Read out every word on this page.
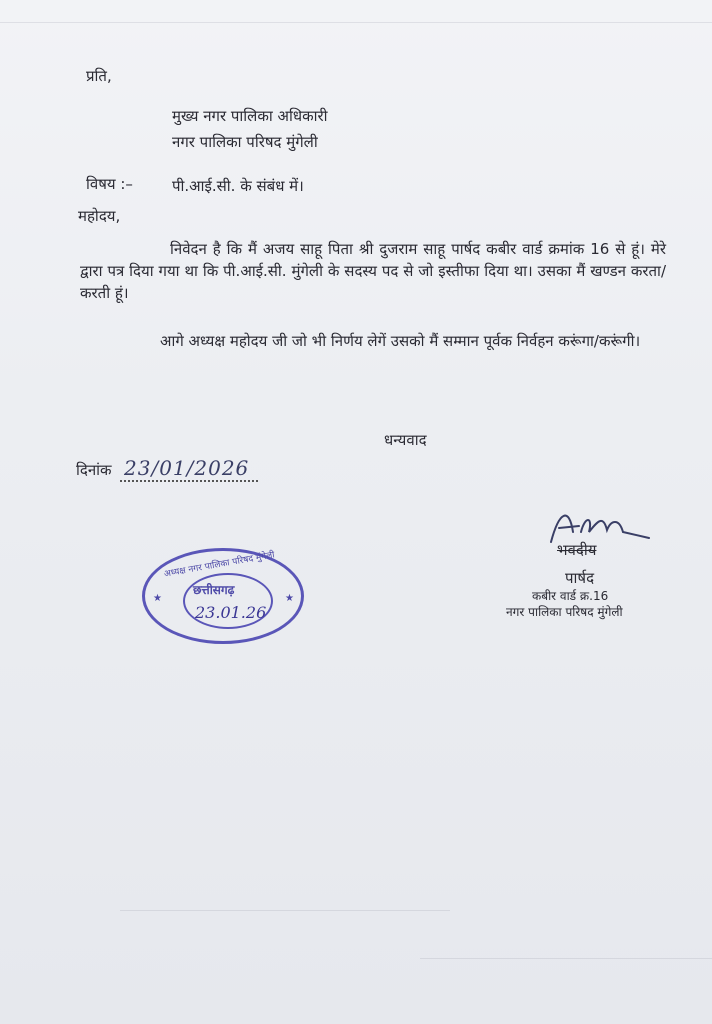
प्रति,
मुख्य नगर पालिका अधिकारी
नगर पालिका परिषद मुंगेली
विषय :–	पी.आई.सी. के संबंध में।
महोदय,
निवेदन है कि मैं अजय साहू पिता श्री दुजराम साहू पार्षद कबीर वार्ड क्रमांक 16 से हूं। मेरे द्वारा पत्र दिया गया था कि पी.आई.सी. मुंगेली के सदस्य पद से जो इस्तीफा दिया था। उसका मैं खण्डन करता/करती हूं।
आगे अध्यक्ष महोदय जी जो भी निर्णय लेगें उसको मैं सम्मान पूर्वक निर्वहन करूंगा/करूंगी।
धन्यवाद
दिनांक 23/01/2026
भवदीय
पार्षद
कबीर वार्ड क्र.16
नगर पालिका परिषद मुंगेली
अध्यक्ष नगर पालिका परिषद मुंगेली
★	★
छत्तीसगढ़
23.01.26
